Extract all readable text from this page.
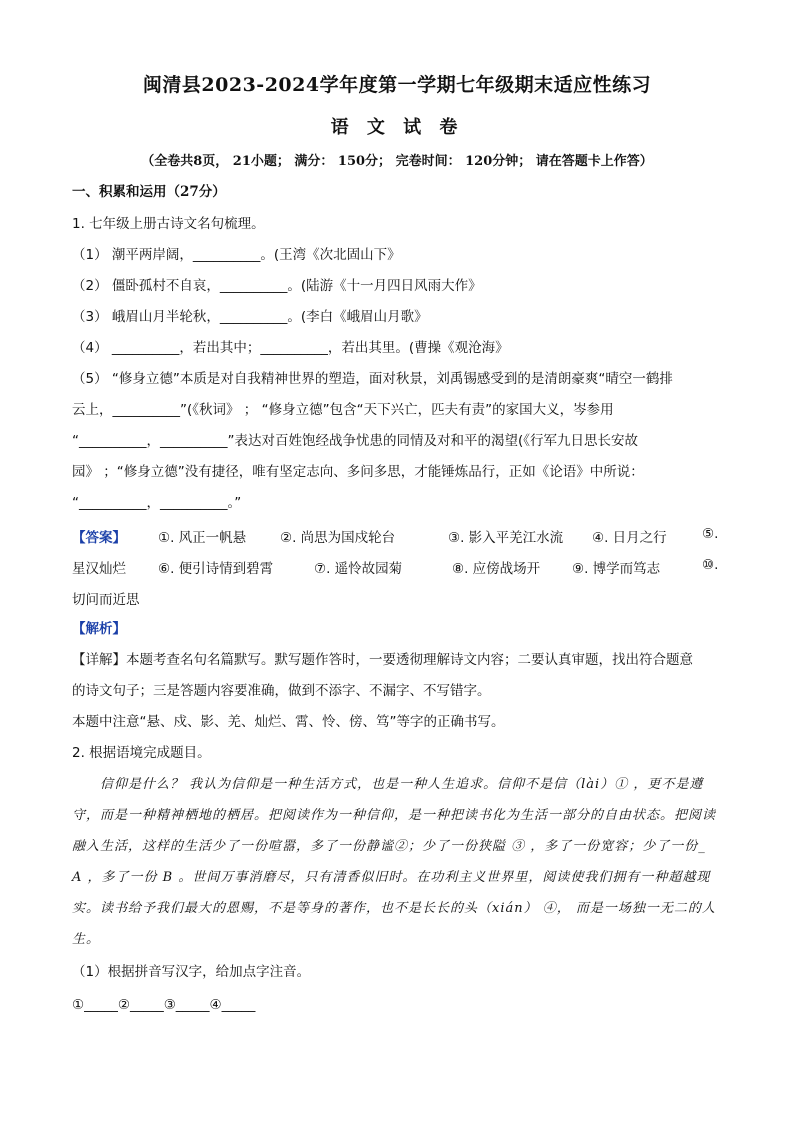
闽清县2023-2024学年度第一学期七年级期末适应性练习
语 文 试 卷
（全卷共8页， 21小题； 满分： 150分； 完卷时间： 120分钟； 请在答题卡上作答）
一、积累和运用（27分）
1. 七年级上册古诗文名句梳理。
（1） 潮平两岸阔，__________。(王湾《次北固山下》
（2） 僵卧孤村不自哀，__________。(陆游《十一月四日风雨大作》
（3） 峨眉山月半轮秋，__________。(李白《峨眉山月歌》
（4） __________，若出其中；__________，若出其里。(曹操《观沧海》
（5） “修身立德”本质是对自我精神世界的塑造，面对秋景，刘禹锡感受到的是清朗豪爽“晴空一鹤排
云上，__________”(《秋词》 ； “修身立德”包含“天下兴亡，匹夫有责”的家国大义，岑参用
“__________，__________”表达对百姓饱经战争忧患的同情及对和平的渴望(《行军九日思长安故
园》 ；“修身立德”没有捷径，唯有坚定志向、多问多思，才能锤炼品行，正如《论语》中所说：
“__________，__________。”
【答案】 ①. 风正一帆悬	②. 尚思为国戍轮台	③. 影入平羌江水流 ④. 日月之行	⑤.
星汉灿烂 ⑥. 便引诗情到碧霄	⑦. 遥怜故园菊	⑧. 应傍战场开 ⑨. 博学而笃志	⑩.
切问而近思
【解析】
【详解】本题考查名句名篇默写。默写题作答时，一要透彻理解诗文内容；二要认真审题，找出符合题意
的诗文句子；三是答题内容要准确，做到不添字、不漏字、不写错字。
本题中注意“悬、戍、影、羌、灿烂、霄、怜、傍、笃”等字的正确书写。
2. 根据语境完成题目。
信仰是什么？ 我认为信仰是一种生活方式，也是一种人生追求。信仰不是信（lài）① ，更不是遵
守，而是一种精神栖地的栖居。把阅读作为一种信仰，是一种把读书化为生活一部分的自由状态。把阅读
融入生活，这样的生活少了一份喧嚣，多了一份静谧②；少了一份狭隘 ③ ，多了一份宽容；少了一份_
A ，多了一份 B 。世间万事消磨尽，只有清香似旧时。在功利主义世界里，阅读使我们拥有一种超越现
实。读书给予我们最大的恩赐，不是等身的著作，也不是长长的头（xián） ④， 而是一场独一无二的人
生。
（1）根据拼音写汉字，给加点字注音。
①_____②_____③_____④_____
